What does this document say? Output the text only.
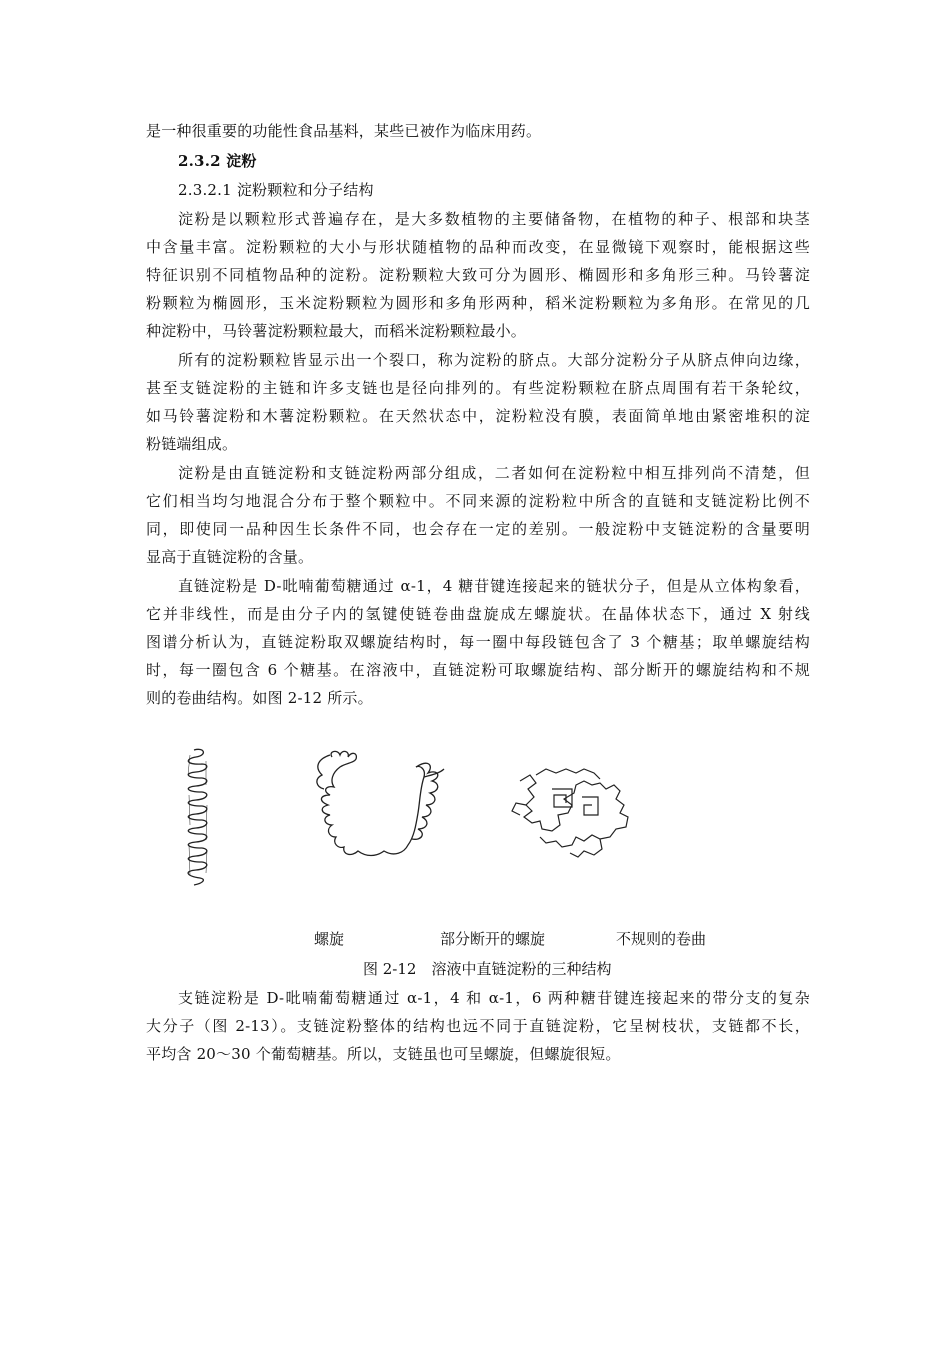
是一种很重要的功能性食品基料，某些已被作为临床用药。
2.3.2 淀粉
2.3.2.1 淀粉颗粒和分子结构
淀粉是以颗粒形式普遍存在，是大多数植物的主要储备物，在植物的种子、根部和块茎
中含量丰富。淀粉颗粒的大小与形状随植物的品种而改变，在显微镜下观察时，能根据这些
特征识别不同植物品种的淀粉。淀粉颗粒大致可分为圆形、椭圆形和多角形三种。马铃薯淀
粉颗粒为椭圆形，玉米淀粉颗粒为圆形和多角形两种，稻米淀粉颗粒为多角形。在常见的几
种淀粉中，马铃薯淀粉颗粒最大，而稻米淀粉颗粒最小。
所有的淀粉颗粒皆显示出一个裂口，称为淀粉的脐点。大部分淀粉分子从脐点伸向边缘，
甚至支链淀粉的主链和许多支链也是径向排列的。有些淀粉颗粒在脐点周围有若干条轮纹，
如马铃薯淀粉和木薯淀粉颗粒。在天然状态中，淀粉粒没有膜，表面简单地由紧密堆积的淀
粉链端组成。
淀粉是由直链淀粉和支链淀粉两部分组成，二者如何在淀粉粒中相互排列尚不清楚，但
它们相当均匀地混合分布于整个颗粒中。不同来源的淀粉粒中所含的直链和支链淀粉比例不
同，即使同一品种因生长条件不同，也会存在一定的差别。一般淀粉中支链淀粉的含量要明
显高于直链淀粉的含量。
直链淀粉是 D-吡喃葡萄糖通过 α-1，4 糖苷键连接起来的链状分子，但是从立体构象看，
它并非线性，而是由分子内的氢键使链卷曲盘旋成左螺旋状。在晶体状态下，通过 X 射线
图谱分析认为，直链淀粉取双螺旋结构时，每一圈中每段链包含了 3 个糖基；取单螺旋结构
时，每一圈包含 6 个糖基。在溶液中，直链淀粉可取螺旋结构、部分断开的螺旋结构和不规
则的卷曲结构。如图 2-12 所示。
螺旋	部分断开的螺旋	不规则的卷曲
图 2-12　溶液中直链淀粉的三种结构
支链淀粉是 D-吡喃葡萄糖通过 α-1，4 和 α-1，6 两种糖苷键连接起来的带分支的复杂
大分子（图 2-13）。支链淀粉整体的结构也远不同于直链淀粉，它呈树枝状，支链都不长，
平均含 20～30 个葡萄糖基。所以，支链虽也可呈螺旋，但螺旋很短。
